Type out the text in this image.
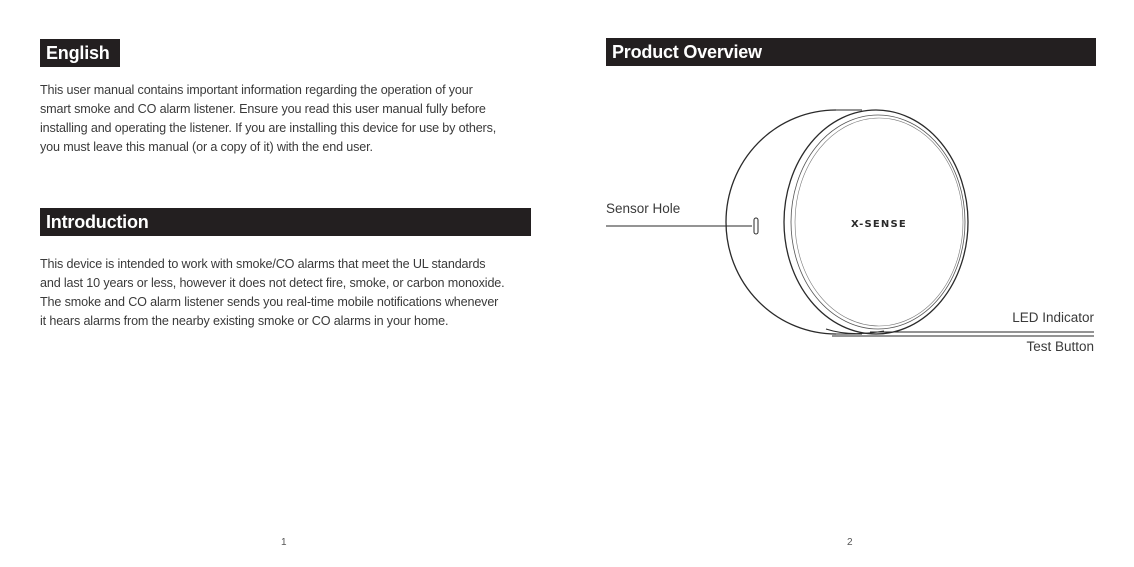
English
This user manual contains important information regarding the operation of your
smart smoke and CO alarm listener. Ensure you read this user manual fully before
installing and operating the listener. If you are installing this device for use by others,
you must leave this manual (or a copy of it) with the end user.
Introduction
This device is intended to work with smoke/CO alarms that meet the UL standards
and last 10 years or less, however it does not detect fire, smoke, or carbon monoxide.
The smoke and CO alarm listener sends you real-time mobile notifications whenever
it hears alarms from the nearby existing smoke or CO alarms in your home.
1
Product Overview
X-SENSE
Sensor Hole
LED Indicator
Test Button
2
